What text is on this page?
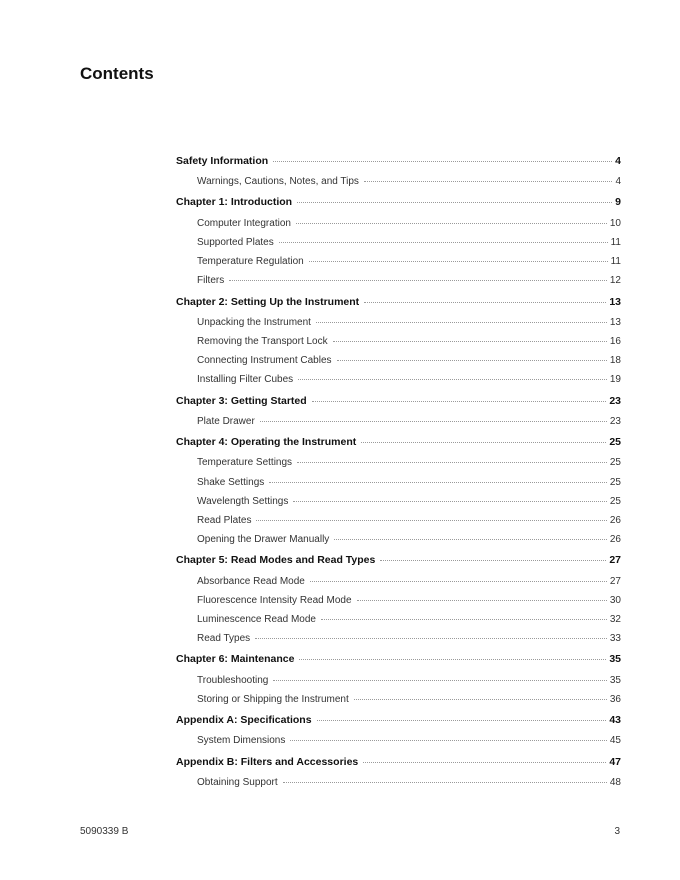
Contents
Safety Information	4
Warnings, Cautions, Notes, and Tips	4
Chapter 1: Introduction	9
Computer Integration	10
Supported Plates	11
Temperature Regulation	11
Filters	12
Chapter 2: Setting Up the Instrument	13
Unpacking the Instrument	13
Removing the Transport Lock	16
Connecting Instrument Cables	18
Installing Filter Cubes	19
Chapter 3: Getting Started	23
Plate Drawer	23
Chapter 4: Operating the Instrument	25
Temperature Settings	25
Shake Settings	25
Wavelength Settings	25
Read Plates	26
Opening the Drawer Manually	26
Chapter 5: Read Modes and Read Types	27
Absorbance Read Mode	27
Fluorescence Intensity Read Mode	30
Luminescence Read Mode	32
Read Types	33
Chapter 6: Maintenance	35
Troubleshooting	35
Storing or Shipping the Instrument	36
Appendix A: Specifications	43
System Dimensions	45
Appendix B: Filters and Accessories	47
Obtaining Support	48
5090339 B	3
